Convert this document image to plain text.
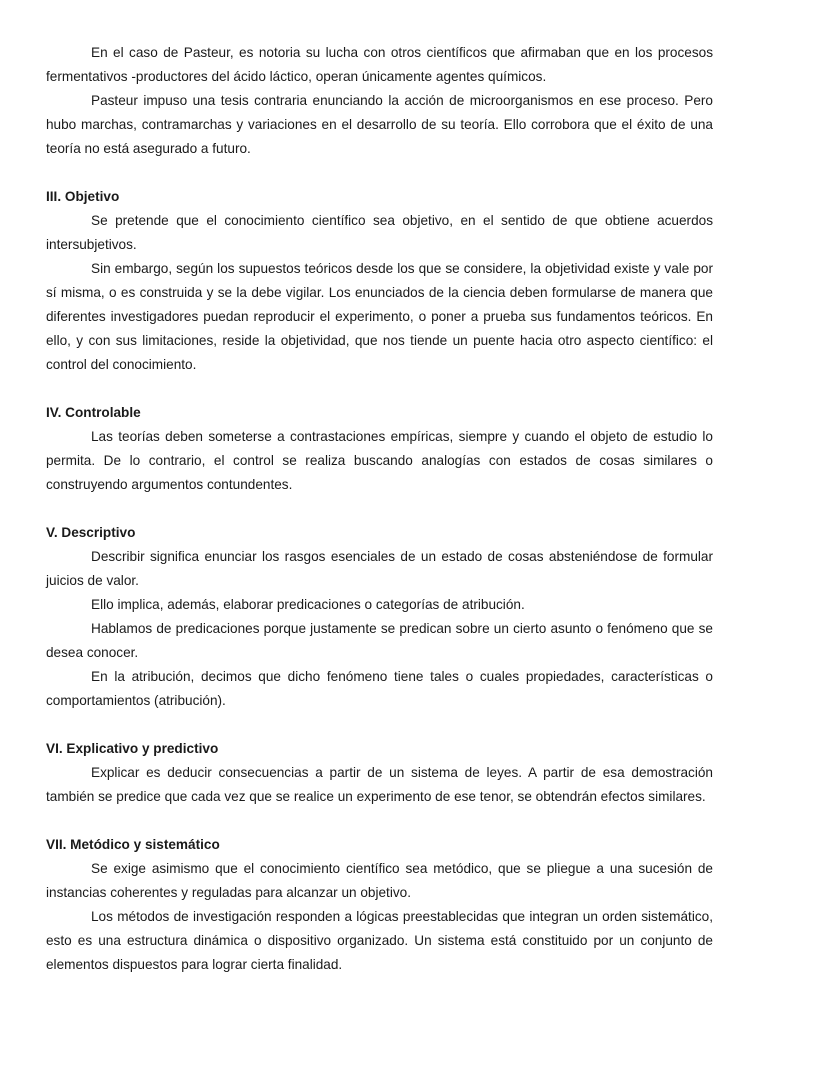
En el caso de Pasteur, es notoria su lucha con otros científicos que afirmaban que en los procesos fermentativos -productores del ácido láctico, operan únicamente agentes químicos.

Pasteur impuso una tesis contraria enunciando la acción de microorganismos en ese proceso. Pero hubo marchas, contramarchas y variaciones en el desarrollo de su teoría. Ello corrobora que el éxito de una teoría no está asegurado a futuro.

III. Objetivo

Se pretende que el conocimiento científico sea objetivo, en el sentido de que obtiene acuerdos intersubjetivos.

Sin embargo, según los supuestos teóricos desde los que se considere, la objetividad existe y vale por sí misma, o es construida y se la debe vigilar. Los enunciados de la ciencia deben formularse de manera que diferentes investigadores puedan reproducir el experimento, o poner a prueba sus fundamentos teóricos. En ello, y con sus limitaciones, reside la objetividad, que nos tiende un puente hacia otro aspecto científico: el control del conocimiento.

IV. Controlable

Las teorías deben someterse a contrastaciones empíricas, siempre y cuando el objeto de estudio lo permita. De lo contrario, el control se realiza buscando analogías con estados de cosas similares o construyendo argumentos contundentes.

V. Descriptivo

Describir significa enunciar los rasgos esenciales de un estado de cosas absteniéndose de formular juicios de valor.

Ello implica, además, elaborar predicaciones o categorías de atribución.

Hablamos de predicaciones porque justamente se predican sobre un cierto asunto o fenómeno que se desea conocer.

En la atribución, decimos que dicho fenómeno tiene tales o cuales propiedades, características o comportamientos (atribución).

VI. Explicativo y predictivo

Explicar es deducir consecuencias a partir de un sistema de leyes. A partir de esa demostración también se predice que cada vez que se realice un experimento de ese tenor, se obtendrán efectos similares.

VII. Metódico y sistemático

Se exige asimismo que el conocimiento científico sea metódico, que se pliegue a una sucesión de instancias coherentes y reguladas para alcanzar un objetivo.

Los métodos de investigación responden a lógicas preestablecidas que integran un orden sistemático, esto es una estructura dinámica o dispositivo organizado. Un sistema está constituido por un conjunto de elementos dispuestos para lograr cierta finalidad.
